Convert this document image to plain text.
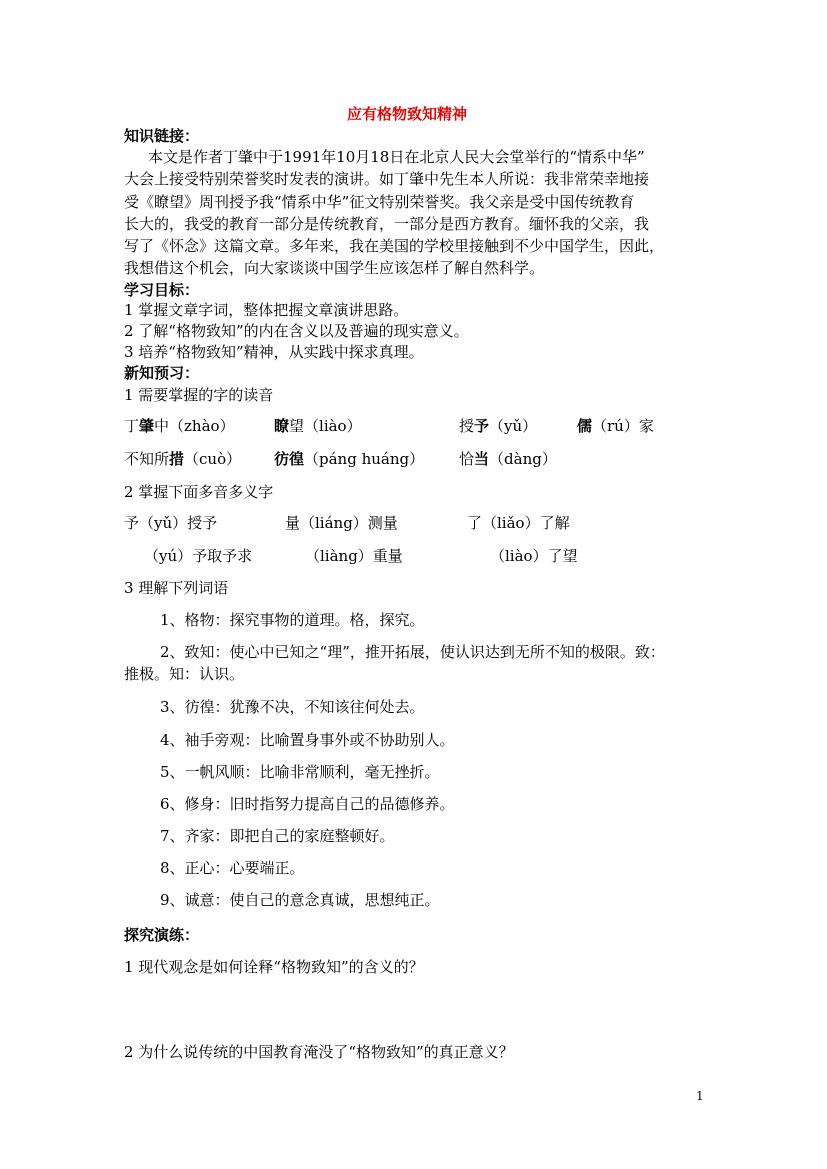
应有格物致知精神
知识链接：
本文是作者丁肇中于1991年10月18日在北京人民大会堂举行的“情系中华”
大会上接受特别荣誉奖时发表的演讲。如丁肇中先生本人所说：我非常荣幸地接
受《瞭望》周刊授予我“情系中华”征文特别荣誉奖。我父亲是受中国传统教育
长大的，我受的教育一部分是传统教育，一部分是西方教育。缅怀我的父亲，我
写了《怀念》这篇文章。多年来，我在美国的学校里接触到不少中国学生，因此，
我想借这个机会，向大家谈谈中国学生应该怎样了解自然科学。
学习目标：
1 掌握文章字词，整体把握文章演讲思路。
2 了解“格物致知”的内在含义以及普遍的现实意义。
3 培养“格物致知”精神，从实践中探求真理。
新知预习：
1 需要掌握的字的读音
丁肇中（zhào）	瞭望（liào）	授予（yǔ）	儒（rú）家
不知所措（cuò） 彷徨（páng huáng） 恰当（dàng）
2 掌握下面多音多义字
予（yǔ）授予	量（liáng）测量	了（liǎo）了解
（yú）予取予求	（liàng）重量	（liào）了望
3 理解下列词语
1、格物：探究事物的道理。格，探究。
2、致知：使心中已知之“理”，推开拓展，使认识达到无所不知的极限。致：
推极。知：认识。
3、彷徨：犹豫不决，不知该往何处去。
4、袖手旁观：比喻置身事外或不协助别人。
5、一帆风顺：比喻非常顺利，毫无挫折。
6、修身：旧时指努力提高自己的品德修养。
7、齐家：即把自己的家庭整顿好。
8、正心：心要端正。
9、诚意：使自己的意念真诚，思想纯正。
探究演练：
1 现代观念是如何诠释“格物致知”的含义的？
2 为什么说传统的中国教育淹没了“格物致知”的真正意义？
1
